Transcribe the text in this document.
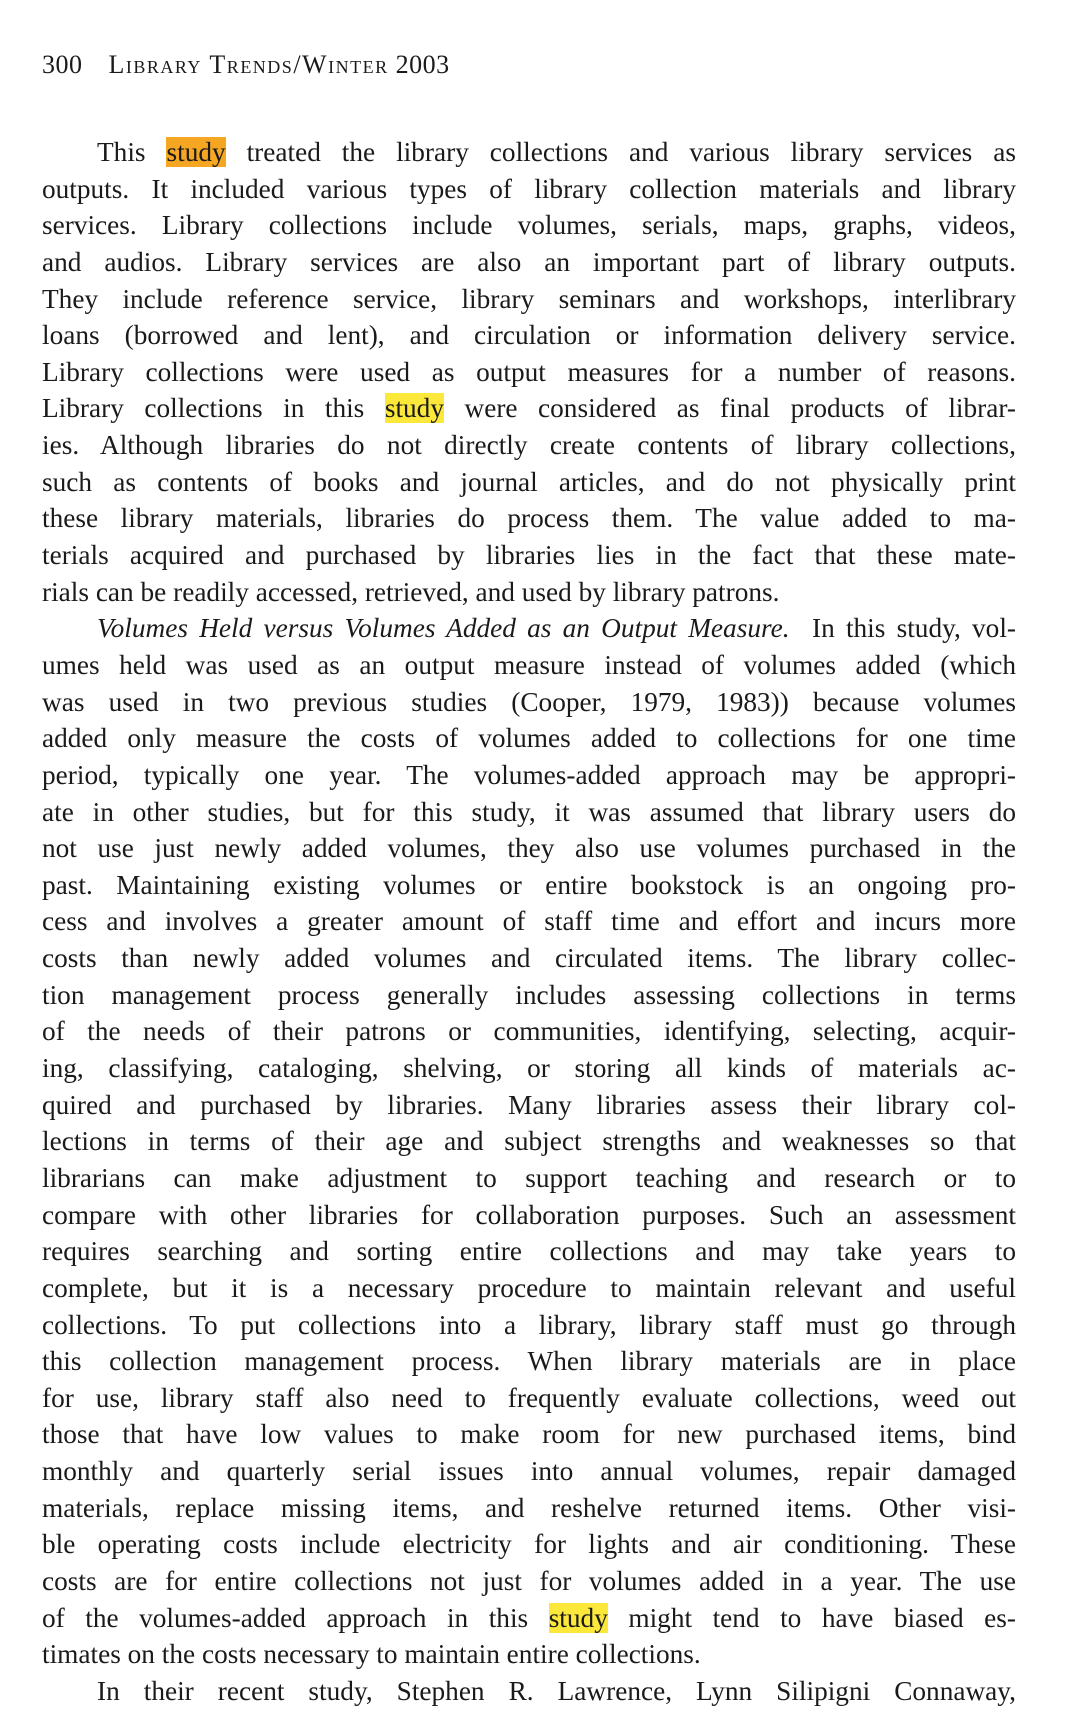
300 Library Trends/Winter 2003
This study treated the library collections and various library services as
outputs. It included various types of library collection materials and library
services. Library collections include volumes, serials, maps, graphs, videos,
and audios. Library services are also an important part of library outputs.
They include reference service, library seminars and workshops, interlibrary
loans (borrowed and lent), and circulation or information delivery service.
Library collections were used as output measures for a number of reasons.
Library collections in this study were considered as final products of librar-
ies. Although libraries do not directly create contents of library collections,
such as contents of books and journal articles, and do not physically print
these library materials, libraries do process them. The value added to ma-
terials acquired and purchased by libraries lies in the fact that these mate-
rials can be readily accessed, retrieved, and used by library patrons.
Volumes Held versus Volumes Added as an Output Measure.  In this study, vol-
umes held was used as an output measure instead of volumes added (which
was used in two previous studies (Cooper, 1979, 1983)) because volumes
added only measure the costs of volumes added to collections for one time
period, typically one year. The volumes-added approach may be appropri-
ate in other studies, but for this study, it was assumed that library users do
not use just newly added volumes, they also use volumes purchased in the
past. Maintaining existing volumes or entire bookstock is an ongoing pro-
cess and involves a greater amount of staff time and effort and incurs more
costs than newly added volumes and circulated items. The library collec-
tion management process generally includes assessing collections in terms
of the needs of their patrons or communities, identifying, selecting, acquir-
ing, classifying, cataloging, shelving, or storing all kinds of materials ac-
quired and purchased by libraries. Many libraries assess their library col-
lections in terms of their age and subject strengths and weaknesses so that
librarians can make adjustment to support teaching and research or to
compare with other libraries for collaboration purposes. Such an assessment
requires searching and sorting entire collections and may take years to
complete, but it is a necessary procedure to maintain relevant and useful
collections. To put collections into a library, library staff must go through
this collection management process. When library materials are in place
for use, library staff also need to frequently evaluate collections, weed out
those that have low values to make room for new purchased items, bind
monthly and quarterly serial issues into annual volumes, repair damaged
materials, replace missing items, and reshelve returned items. Other visi-
ble operating costs include electricity for lights and air conditioning. These
costs are for entire collections not just for volumes added in a year. The use
of the volumes-added approach in this study might tend to have biased es-
timates on the costs necessary to maintain entire collections.
In their recent study, Stephen R. Lawrence, Lynn Silipigni Connaway,
